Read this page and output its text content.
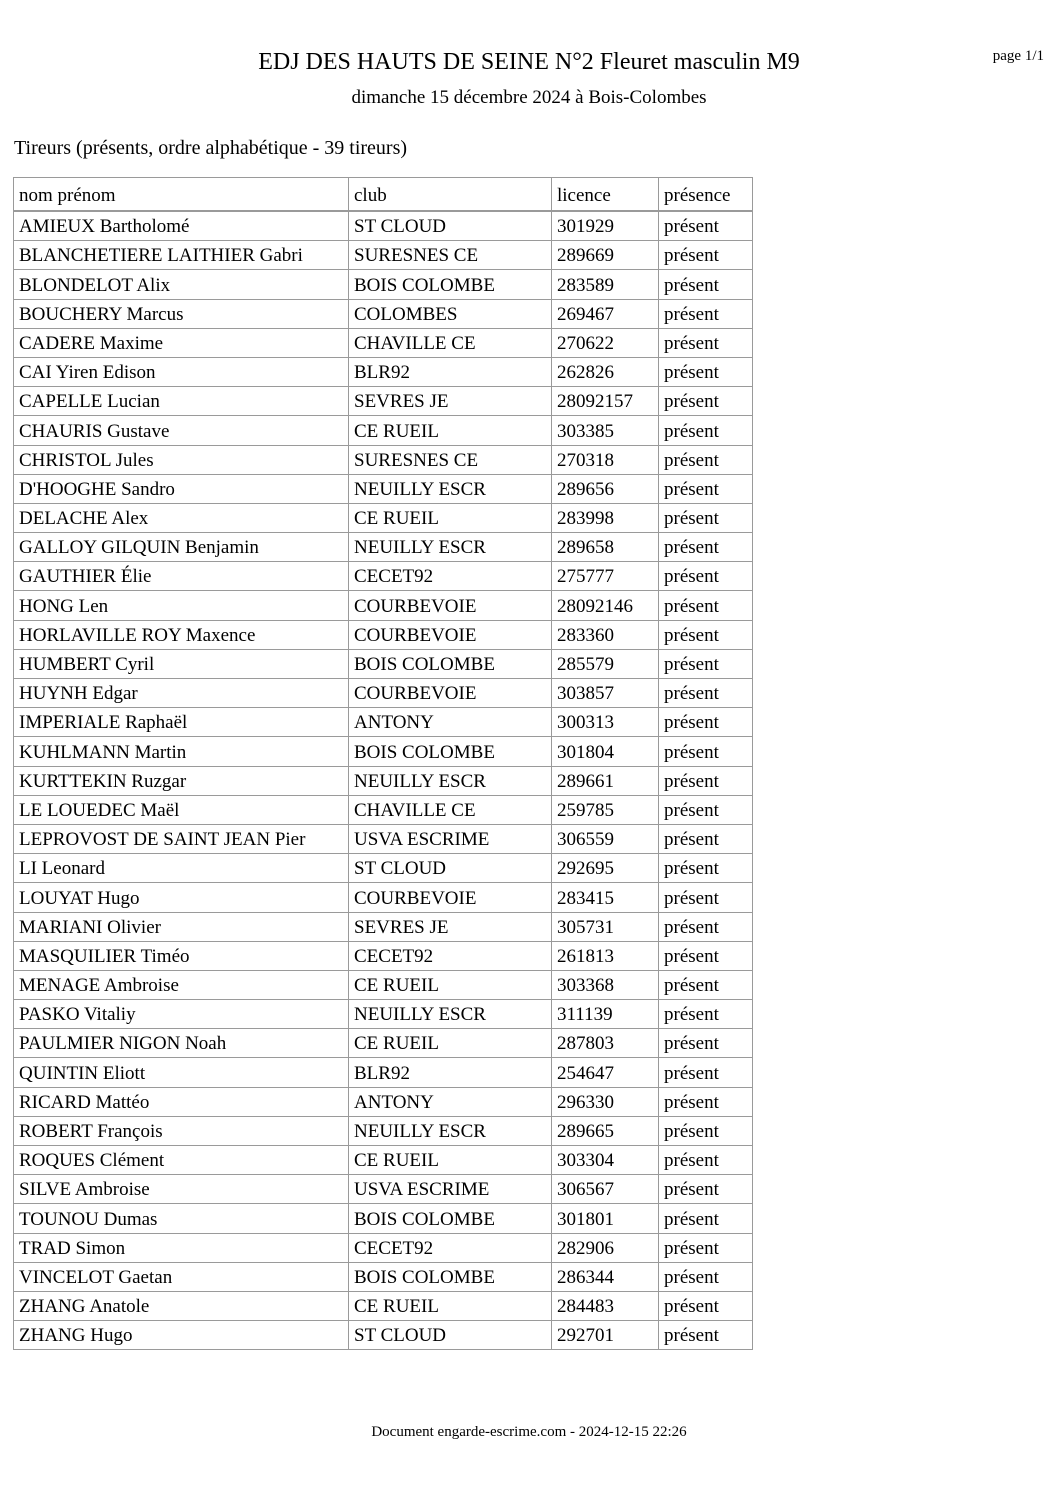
EDJ DES HAUTS DE SEINE N°2 Fleuret masculin M9
dimanche 15 décembre 2024 à Bois-Colombes
page 1/1
Tireurs (présents, ordre alphabétique - 39 tireurs)
nom prénom	club	licence	présence
AMIEUX Bartholomé	ST CLOUD	301929	présent
BLANCHETIERE LAITHIER Gabri	SURESNES CE	289669	présent
BLONDELOT Alix	BOIS COLOMBE	283589	présent
BOUCHERY Marcus	COLOMBES	269467	présent
CADERE Maxime	CHAVILLE CE	270622	présent
CAI Yiren Edison	BLR92	262826	présent
CAPELLE Lucian	SEVRES JE	28092157	présent
CHAURIS Gustave	CE RUEIL	303385	présent
CHRISTOL Jules	SURESNES CE	270318	présent
D'HOOGHE Sandro	NEUILLY ESCR	289656	présent
DELACHE Alex	CE RUEIL	283998	présent
GALLOY GILQUIN Benjamin	NEUILLY ESCR	289658	présent
GAUTHIER Élie	CECET92	275777	présent
HONG Len	COURBEVOIE	28092146	présent
HORLAVILLE ROY Maxence	COURBEVOIE	283360	présent
HUMBERT Cyril	BOIS COLOMBE	285579	présent
HUYNH Edgar	COURBEVOIE	303857	présent
IMPERIALE Raphaël	ANTONY	300313	présent
KUHLMANN Martin	BOIS COLOMBE	301804	présent
KURTTEKIN Ruzgar	NEUILLY ESCR	289661	présent
LE LOUEDEC Maël	CHAVILLE CE	259785	présent
LEPROVOST DE SAINT JEAN Pier	USVA ESCRIME	306559	présent
LI Leonard	ST CLOUD	292695	présent
LOUYAT Hugo	COURBEVOIE	283415	présent
MARIANI Olivier	SEVRES JE	305731	présent
MASQUILIER Timéo	CECET92	261813	présent
MENAGE Ambroise	CE RUEIL	303368	présent
PASKO Vitaliy	NEUILLY ESCR	311139	présent
PAULMIER NIGON Noah	CE RUEIL	287803	présent
QUINTIN Eliott	BLR92	254647	présent
RICARD Mattéo	ANTONY	296330	présent
ROBERT François	NEUILLY ESCR	289665	présent
ROQUES Clément	CE RUEIL	303304	présent
SILVE Ambroise	USVA ESCRIME	306567	présent
TOUNOU Dumas	BOIS COLOMBE	301801	présent
TRAD Simon	CECET92	282906	présent
VINCELOT Gaetan	BOIS COLOMBE	286344	présent
ZHANG Anatole	CE RUEIL	284483	présent
ZHANG Hugo	ST CLOUD	292701	présent
Document engarde-escrime.com - 2024-12-15 22:26
